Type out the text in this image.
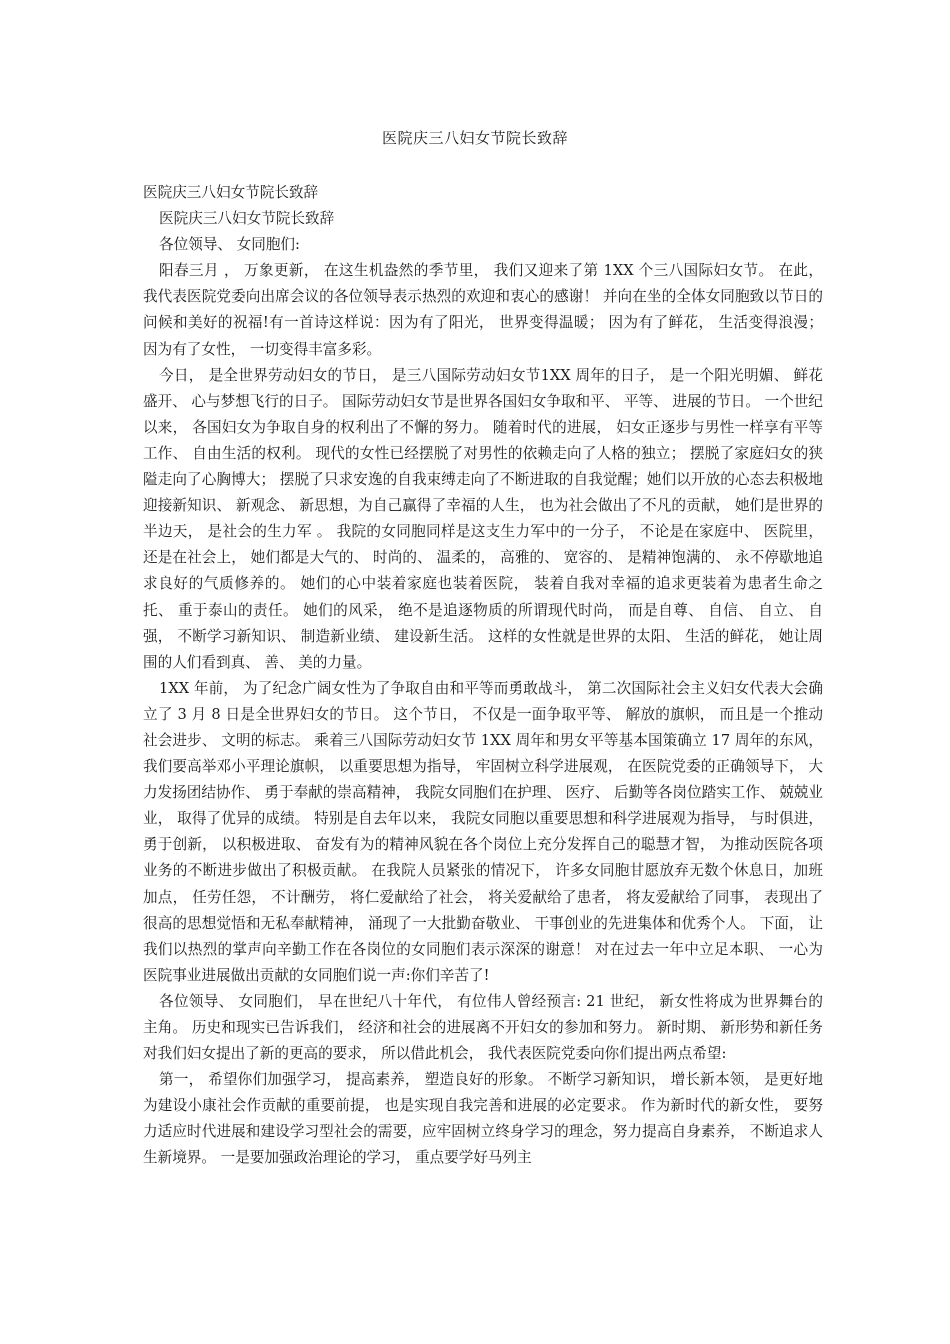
医院庆三八妇女节院长致辞

医院庆三八妇女节院长致辞

医院庆三八妇女节院长致辞

各位领导、 女同胞们:

阳春三月 ， 万象更新， 在这生机盎然的季节里， 我们又迎来了第 1XX 个三八国际妇女节。 在此， 我代表医院党委向出席会议的各位领导表示热烈的欢迎和衷心的感谢！ 并向在坐的全体女同胞致以节日的问候和美好的祝福!有一首诗这样说：因为有了阳光， 世界变得温暖； 因为有了鲜花， 生活变得浪漫； 因为有了女性， 一切变得丰富多彩。

今日， 是全世界劳动妇女的节日， 是三八国际劳动妇女节1XX 周年的日子， 是一个阳光明媚、 鲜花盛开、 心与梦想飞行的日子。 国际劳动妇女节是世界各国妇女争取和平、 平等、 进展的节日。 一个世纪以来， 各国妇女为争取自身的权利出了不懈的努力。 随着时代的进展， 妇女正逐步与男性一样享有平等工作、 自由生活的权利。 现代的女性已经摆脱了对男性的依赖走向了人格的独立； 摆脱了家庭妇女的狭隘走向了心胸博大； 摆脱了只求安逸的自我束缚走向了不断进取的自我觉醒；她们以开放的心态去积极地迎接新知识、 新观念、 新思想，为自己赢得了幸福的人生， 也为社会做出了不凡的贡献， 她们是世界的半边天， 是社会的生力军 。 我院的女同胞同样是这支生力军中的一分子， 不论是在家庭中、 医院里， 还是在社会上， 她们都是大气的、 时尚的、 温柔的， 高雅的、 宽容的、 是精神饱满的、 永不停歇地追求良好的气质修养的。 她们的心中装着家庭也装着医院， 装着自我对幸福的追求更装着为患者生命之托、 重于泰山的责任。 她们的风采， 绝不是追逐物质的所谓现代时尚， 而是自尊、 自信、 自立、 自强， 不断学习新知识、 制造新业绩、 建设新生活。 这样的女性就是世界的太阳、 生活的鲜花， 她让周围的人们看到真、 善、 美的力量。

1XX 年前， 为了纪念广阔女性为了争取自由和平等而勇敢战斗， 第二次国际社会主义妇女代表大会确立了 3 月 8 日是全世界妇女的节日。 这个节日， 不仅是一面争取平等、 解放的旗帜， 而且是一个推动社会进步、 文明的标志。 乘着三八国际劳动妇女节 1XX 周年和男女平等基本国策确立 17 周年的东风， 我们要高举邓小平理论旗帜， 以重要思想为指导， 牢固树立科学进展观， 在医院党委的正确领导下， 大力发扬团结协作、 勇于奉献的崇高精神， 我院女同胞们在护理、 医疗、 后勤等各岗位踏实工作、 兢兢业业， 取得了优异的成绩。 特别是自去年以来， 我院女同胞以重要思想和科学进展观为指导， 与时俱进， 勇于创新， 以积极进取、 奋发有为的精神风貌在各个岗位上充分发挥自己的聪慧才智， 为推动医院各项业务的不断进步做出了积极贡献。 在我院人员紧张的情况下， 许多女同胞甘愿放弃无数个休息日，加班加点， 任劳任怨， 不计酬劳， 将仁爱献给了社会， 将关爱献给了患者， 将友爱献给了同事， 表现出了很高的思想觉悟和无私奉献精神， 涌现了一大批勤奋敬业、 干事创业的先进集体和优秀个人。 下面， 让我们以热烈的掌声向辛勤工作在各岗位的女同胞们表示深深的谢意！ 对在过去一年中立足本职、 一心为医院事业进展做出贡献的女同胞们说一声:你们辛苦了!

各位领导、 女同胞们， 早在世纪八十年代， 有位伟人曾经预言: 21 世纪， 新女性将成为世界舞台的主角。 历史和现实已告诉我们， 经济和社会的进展离不开妇女的参加和努力。 新时期、 新形势和新任务对我们妇女提出了新的更高的要求， 所以借此机会， 我代表医院党委向你们提出两点希望:

第一， 希望你们加强学习， 提高素养， 塑造良好的形象。 不断学习新知识， 增长新本领， 是更好地为建设小康社会作贡献的重要前提， 也是实现自我完善和进展的必定要求。 作为新时代的新女性， 要努力适应时代进展和建设学习型社会的需要，应牢固树立终身学习的理念，努力提高自身素养， 不断追求人生新境界。 一是要加强政治理论的学习， 重点要学好马列主
